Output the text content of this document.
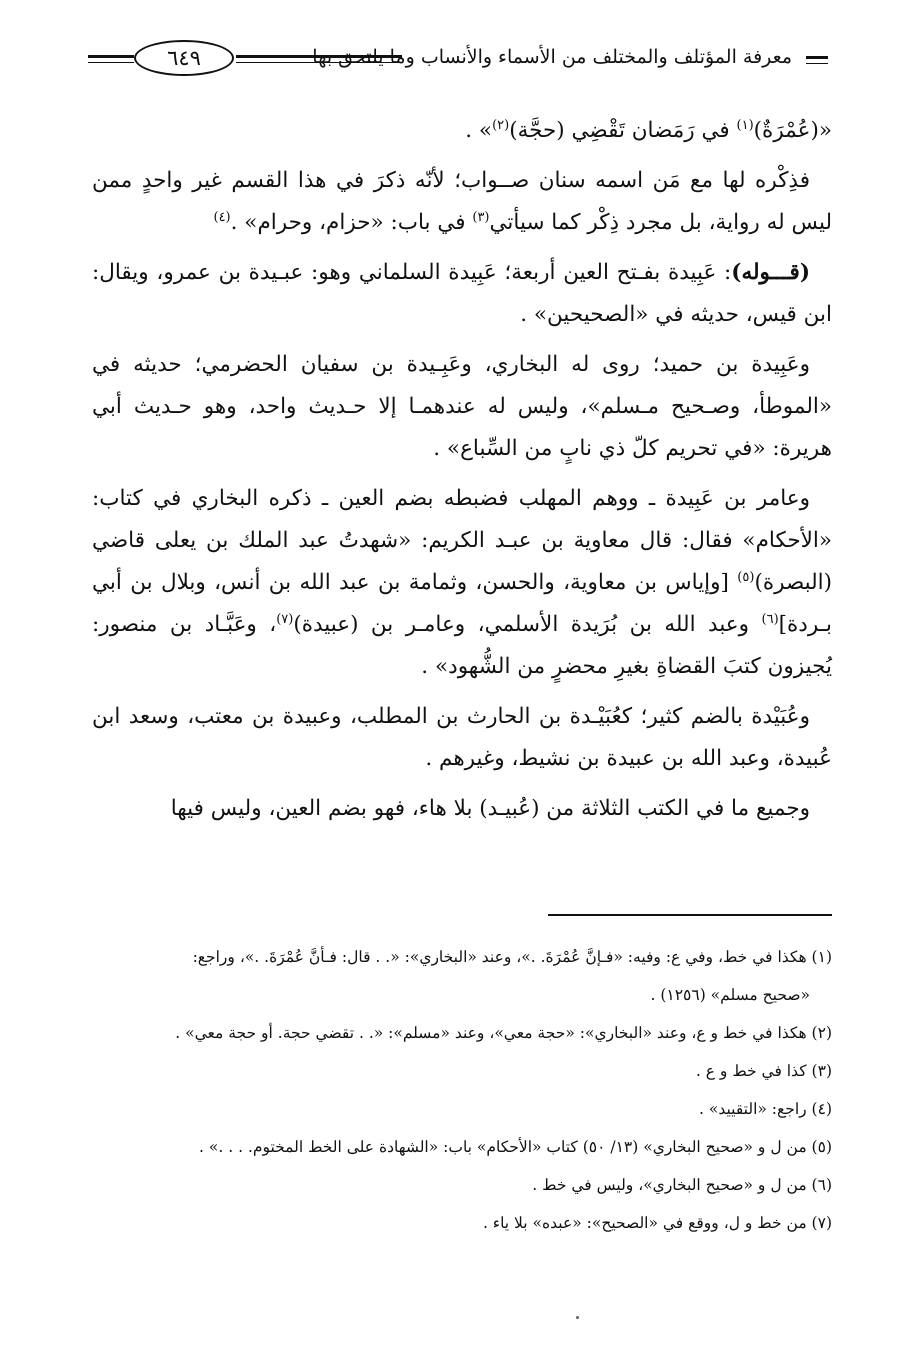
معرفة المؤتلف والمختلف من الأسماء والأنساب وما يلتحق بها
٦٤٩

«(عُمْرَةٌ)$^{(١)}$ في رَمَضان تَقْضِي (حجَّة)$^{(٢)}$» .

فذِكْره لها مع مَن اسمه سنان صــواب؛ لأنّه ذكرَ في هذا القسم غير واحدٍ ممن ليس له رواية، بل مجرد ذِكْر كما سيأتي$^{(٣)}$ في باب: «حزام، وحرام» .$^{(٤)}$

(قـــوله): عَبِيدة بفـتح العين أربعة؛ عَبِيدة السلماني وهو: عبـيدة بن عمرو، ويقال: ابن قيس، حديثه في «الصحيحين» .

وعَبِيدة بن حميد؛ روى له البخاري، وعَبِـيدة بن سفيان الحضرمي؛ حديثه في «الموطأ، وصـحيح مـسلم»، وليس له عندهمـا إلا حـديث واحد، وهو حـديث أبي هريرة: «في تحريم كلّ ذي نابٍ من السِّباع» .

وعامر بن عَبِيدة ـ ووهم المهلب فضبطه بضم العين ـ ذكره البخاري في كتاب: «الأحكام» فقال: قال معاوية بن عبـد الكريم: «شهدتُ عبد الملك بن يعلى قاضي (البصرة)$^{(٥)}$ [وإياس بن معاوية، والحسن، وثمامة بن عبد الله بن أنس، وبلال بن أبي بـردة]$^{(٦)}$ وعبد الله بن بُرَيدة الأسلمي، وعامـر بن (عبيدة)$^{(٧)}$، وعَبَّـاد بن منصور: يُجيزون كتبَ القضاةِ بغيرِ محضرٍ من الشُّهود» .

وعُبَيْدة بالضم كثير؛ كعُبَيْـدة بن الحارث بن المطلب، وعبيدة بن معتب، وسعد ابن عُبيدة، وعبد الله بن عبيدة بن نشيط، وغيرهم .

وجميع ما في الكتب الثلاثة من (عُبيـد) بلا هاء، فهو بضم العين، وليس فيها

(١) هكذا في خط، وفي ع: وفيه: «فـإنَّ عُمْرَةَ. .»، وعند «البخاري»: «. . قال: فـأنَّ عُمْرَةَ. .»، وراجع:

«صحيح مسلم» (١٢٥٦) .

(٢) هكذا في خط و ع، وعند «البخاري»: «حجة معي»، وعند «مسلم»: «. . تقضي حجة. أو حجة معي» .

(٣) كذا في خط و ع .

(٤) راجع: «التقييد» .

(٥) من ل و «صحيح البخاري» (١٣/ ٥٠) كتاب «الأحكام» باب: «الشهادة على الخط المختوم. . . .» .

(٦) من ل و «صحيح البخاري»، وليس في خط .

(٧) من خط و ل، ووقع في «الصحيح»: «عبده» بلا ياء .
